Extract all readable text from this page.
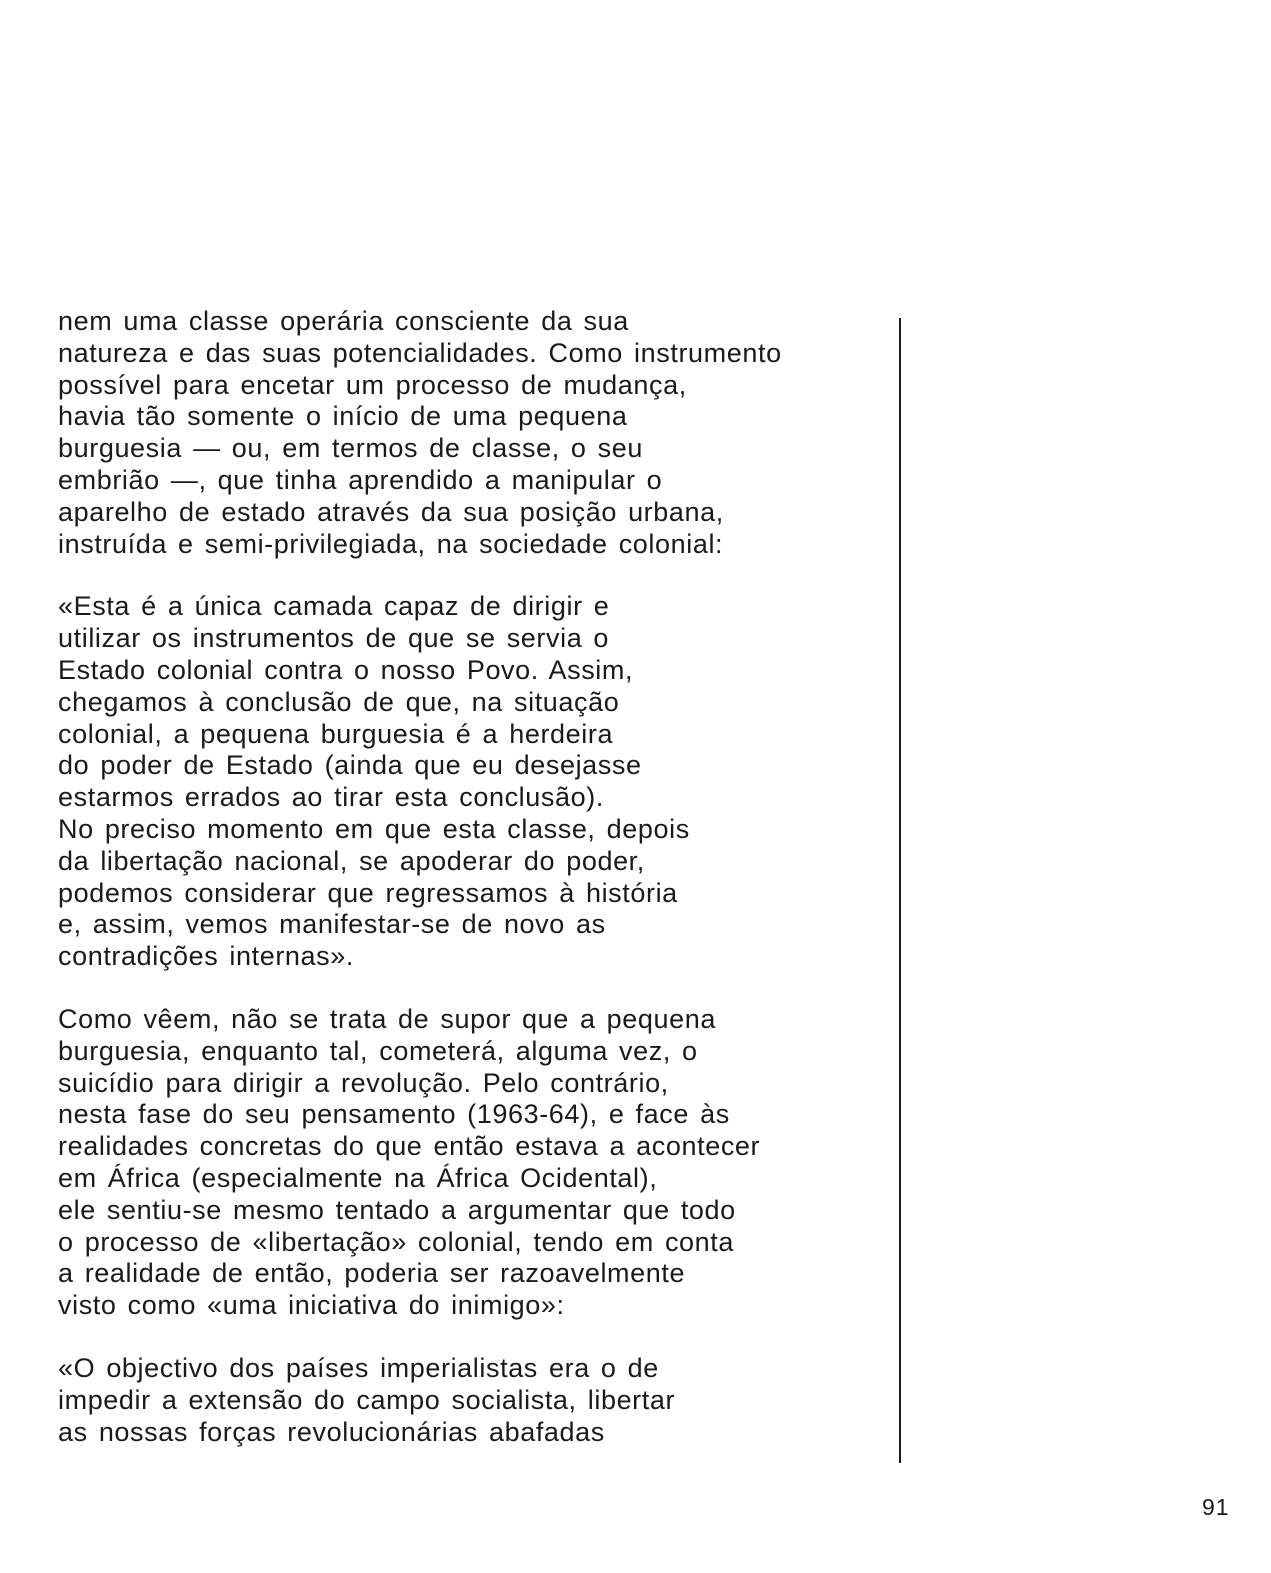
nem uma classe operária consciente da sua
natureza e das suas potencialidades. Como instrumento
possível para encetar um processo de mudança,
havia tão somente o início de uma pequena
burguesia — ou, em termos de classe, o seu
embrião —, que tinha aprendido a manipular o
aparelho de estado através da sua posição urbana,
instruída e semi-privilegiada, na sociedade colonial:

«Esta é a única camada capaz de dirigir e
utilizar os instrumentos de que se servia o
Estado colonial contra o nosso Povo. Assim,
chegamos à conclusão de que, na situação
colonial, a pequena burguesia é a herdeira
do poder de Estado (ainda que eu desejasse
estarmos errados ao tirar esta conclusão).
No preciso momento em que esta classe, depois
da libertação nacional, se apoderar do poder,
podemos considerar que regressamos à história
e, assim, vemos manifestar-se de novo as
contradições internas».

Como vêem, não se trata de supor que a pequena
burguesia, enquanto tal, cometerá, alguma vez, o
suicídio para dirigir a revolução. Pelo contrário,
nesta fase do seu pensamento (1963-64), e face às
realidades concretas do que então estava a acontecer
em África (especialmente na África Ocidental),
ele sentiu-se mesmo tentado a argumentar que todo
o processo de «libertação» colonial, tendo em conta
a realidade de então, poderia ser razoavelmente
visto como «uma iniciativa do inimigo»:

«O objectivo dos países imperialistas era o de
impedir a extensão do campo socialista, libertar
as nossas forças revolucionárias abafadas

91
